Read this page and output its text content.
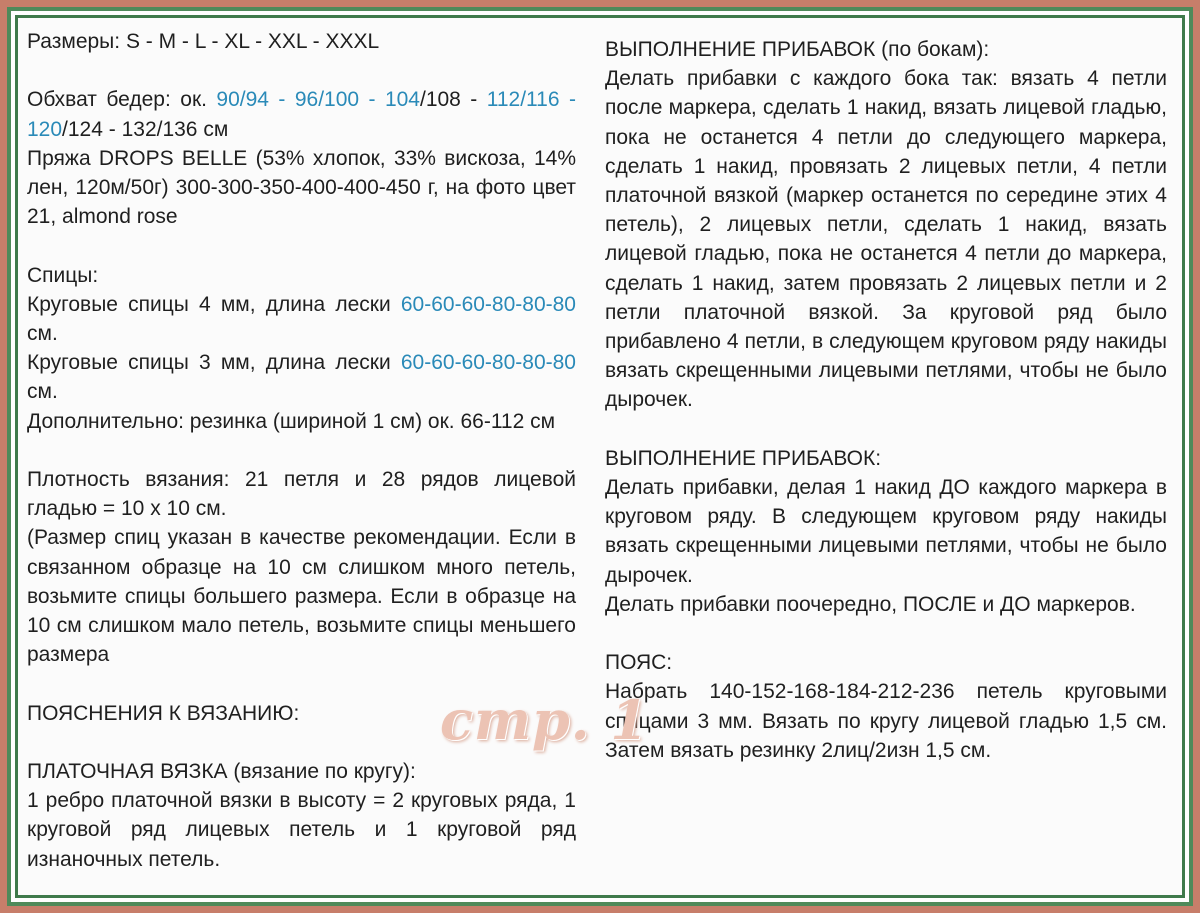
Размеры: S - M - L - XL - XXL - XXXL

Обхват бедер: ок. 90/94 - 96/100 - 104/108 - 112/116 - 120/124 - 132/136 см

Пряжа DROPS BELLE (53% хлопок, 33% вискоза, 14% лен, 120м/50г) 300-300-350-400-400-450 г, на фото цвет 21, almond rose

Спицы:

Круговые спицы 4 мм, длина лески 60-60-60-80-80-80 см.

Круговые спицы 3 мм, длина лески 60-60-60-80-80-80 см.

Дополнительно: резинка (шириной 1 см) ок. 66-112 см

Плотность вязания: 21 петля и 28 рядов лицевой гладью = 10 х 10 см.

(Размер спиц указан в качестве рекомендации. Если в связанном образце на 10 см слишком много петель, возьмите спицы большего размера. Если в образце на 10 см слишком мало петель, возьмите спицы меньшего размера

ПОЯСНЕНИЯ К ВЯЗАНИЮ:

ПЛАТОЧНАЯ ВЯЗКА (вязание по кругу):

1 ребро платочной вязки в высоту = 2 круговых ряда, 1 круговой ряд лицевых петель и 1 круговой ряд изнаночных петель.

ВЫПОЛНЕНИЕ ПРИБАВОК (по бокам):

Делать прибавки с каждого бока так: вязать 4 петли после маркера, сделать 1 накид, вязать лицевой гладью, пока не останется 4 петли до следующего маркера, сделать 1 накид, провязать 2 лицевых петли, 4 петли платочной вязкой (маркер останется по середине этих 4 петель), 2 лицевых петли, сделать 1 накид, вязать лицевой гладью, пока не останется 4 петли до маркера, сделать 1 накид, затем провязать 2 лицевых петли и 2 петли платочной вязкой. За круговой ряд было прибавлено 4 петли, в следующем круговом ряду накиды вязать скрещенными лицевыми петлями, чтобы не было дырочек.

ВЫПОЛНЕНИЕ ПРИБАВОК:

Делать прибавки, делая 1 накид ДО каждого маркера в круговом ряду. В следующем круговом ряду накиды вязать скрещенными лицевыми петлями, чтобы не было дырочек.

Делать прибавки поочередно, ПОСЛЕ и ДО маркеров.

ПОЯС:

Набрать 140-152-168-184-212-236 петель круговыми спицами 3 мм. Вязать по кругу лицевой гладью 1,5 см. Затем вязать резинку 2лиц/2изн 1,5 см.

стр. 1
